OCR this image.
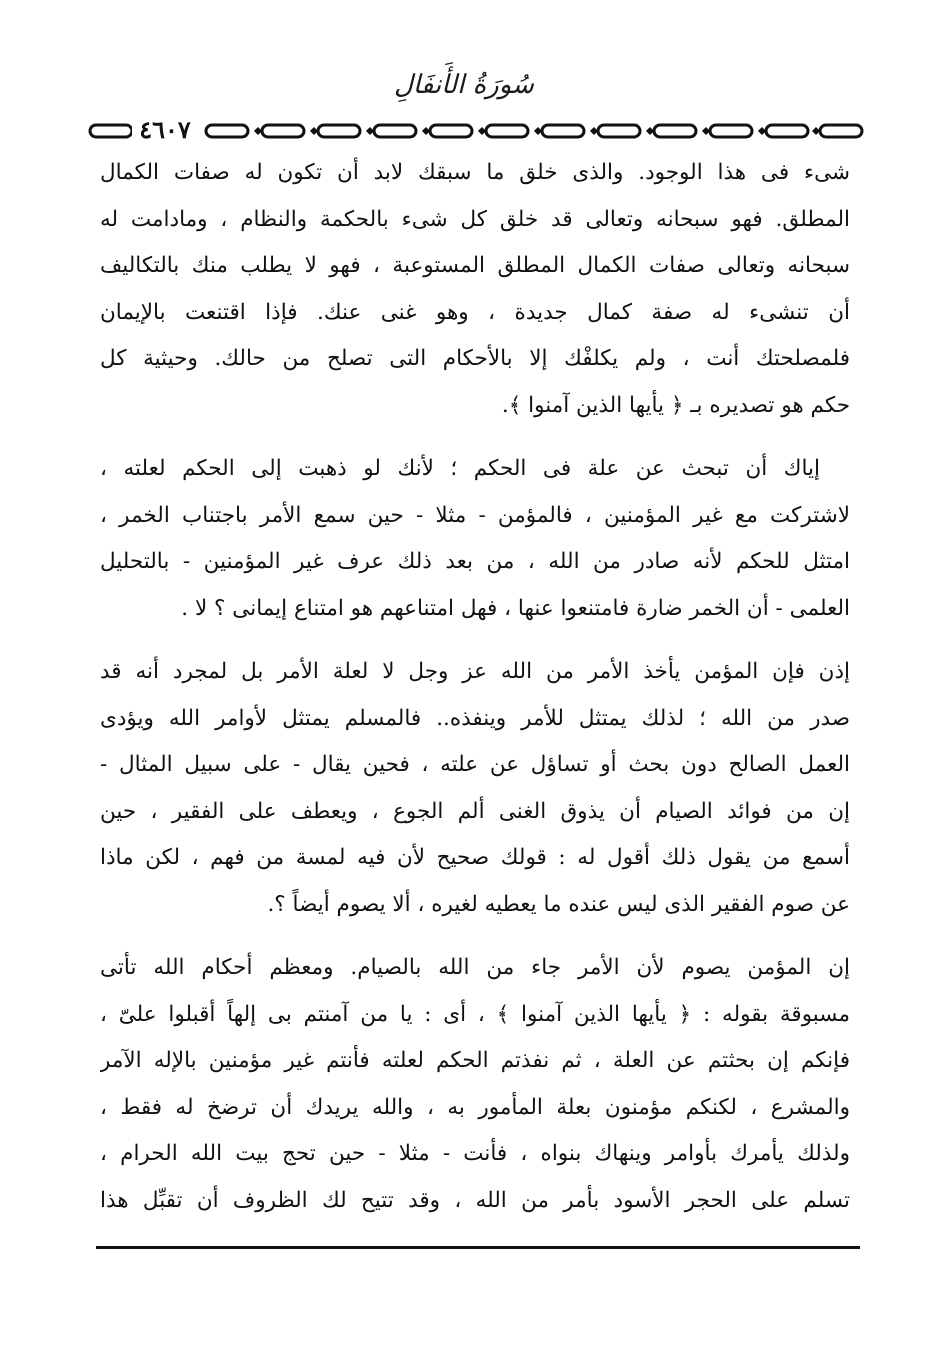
سُورَةُ الأَنفَالِ
٤٦٠٧

شىء فى هذا الوجود. والذى خلق ما سبقك لابد أن تكون له صفات الكمال
المطلق. فهو سبحانه وتعالى قد خلق كل شىء بالحكمة والنظام ، ومادامت له
سبحانه وتعالى صفات الكمال المطلق المستوعبة ، فهو لا يطلب منك بالتكاليف
أن تنشىء له صفة كمال جديدة ، وهو غنى عنك. فإذا اقتنعت بالإيمان
فلمصلحتك أنت ، ولم يكلفْك إلا بالأحكام التى تصلح من حالك. وحيثية كل
حكم هو تصديره بـ ﴿ يأيها الذين آمنوا ﴾.

إياك أن تبحث عن علة فى الحكم ؛ لأنك لو ذهبت إلى الحكم لعلته ،
لاشتركت مع غير المؤمنين ، فالمؤمن - مثلا - حين سمع الأمر باجتناب الخمر ،
امتثل للحكم لأنه صادر من الله ، من بعد ذلك عرف غير المؤمنين - بالتحليل
العلمى - أن الخمر ضارة فامتنعوا عنها ، فهل امتناعهم هو امتناع إيمانى ؟ لا .

إذن فإن المؤمن يأخذ الأمر من الله عز وجل لا لعلة الأمر بل لمجرد أنه قد
صدر من الله ؛ لذلك يمتثل للأمر وينفذه.. فالمسلم يمتثل لأوامر الله ويؤدى
العمل الصالح دون بحث أو تساؤل عن علته ، فحين يقال - على سبيل المثال -
إن من فوائد الصيام أن يذوق الغنى ألم الجوع ، ويعطف على الفقير ، حين
أسمع من يقول ذلك أقول له : قولك صحيح لأن فيه لمسة من فهم ، لكن ماذا
عن صوم الفقير الذى ليس عنده ما يعطيه لغيره ، ألا يصوم أيضاً ؟.

إن المؤمن يصوم لأن الأمر جاء من الله بالصيام. ومعظم أحكام الله تأتى
مسبوقة بقوله : ﴿ يأيها الذين آمنوا ﴾ ، أى : يا من آمنتم بى إلهاً أقبلوا علىّ ،
فإنكم إن بحثتم عن العلة ، ثم نفذتم الحكم لعلته فأنتم غير مؤمنين بالإله الآمر
والمشرع ، لكنكم مؤمنون بعلة المأمور به ، والله يريدك أن ترضخ له فقط ،
ولذلك يأمرك بأوامر وينهاك بنواه ، فأنت - مثلا - حين تحج بيت الله الحرام ،
تسلم على الحجر الأسود بأمر من الله ، وقد تتيح لك الظروف أن تقبِّل هذا
